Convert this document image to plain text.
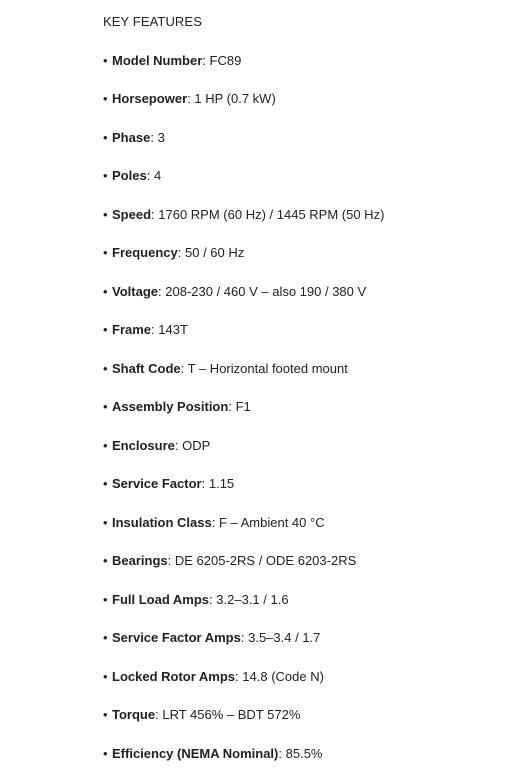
KEY FEATURES
• Model Number: FC89
• Horsepower: 1 HP (0.7 kW)
• Phase: 3
• Poles: 4
• Speed: 1760 RPM (60 Hz) / 1445 RPM (50 Hz)
• Frequency: 50 / 60 Hz
• Voltage: 208-230 / 460 V – also 190 / 380 V
• Frame: 143T
• Shaft Code: T – Horizontal footed mount
• Assembly Position: F1
• Enclosure: ODP
• Service Factor: 1.15
• Insulation Class: F – Ambient 40 °C
• Bearings: DE 6205-2RS / ODE 6203-2RS
• Full Load Amps: 3.2–3.1 / 1.6
• Service Factor Amps: 3.5–3.4 / 1.7
• Locked Rotor Amps: 14.8 (Code N)
• Torque: LRT 456% – BDT 572%
• Efficiency (NEMA Nominal): 85.5%
